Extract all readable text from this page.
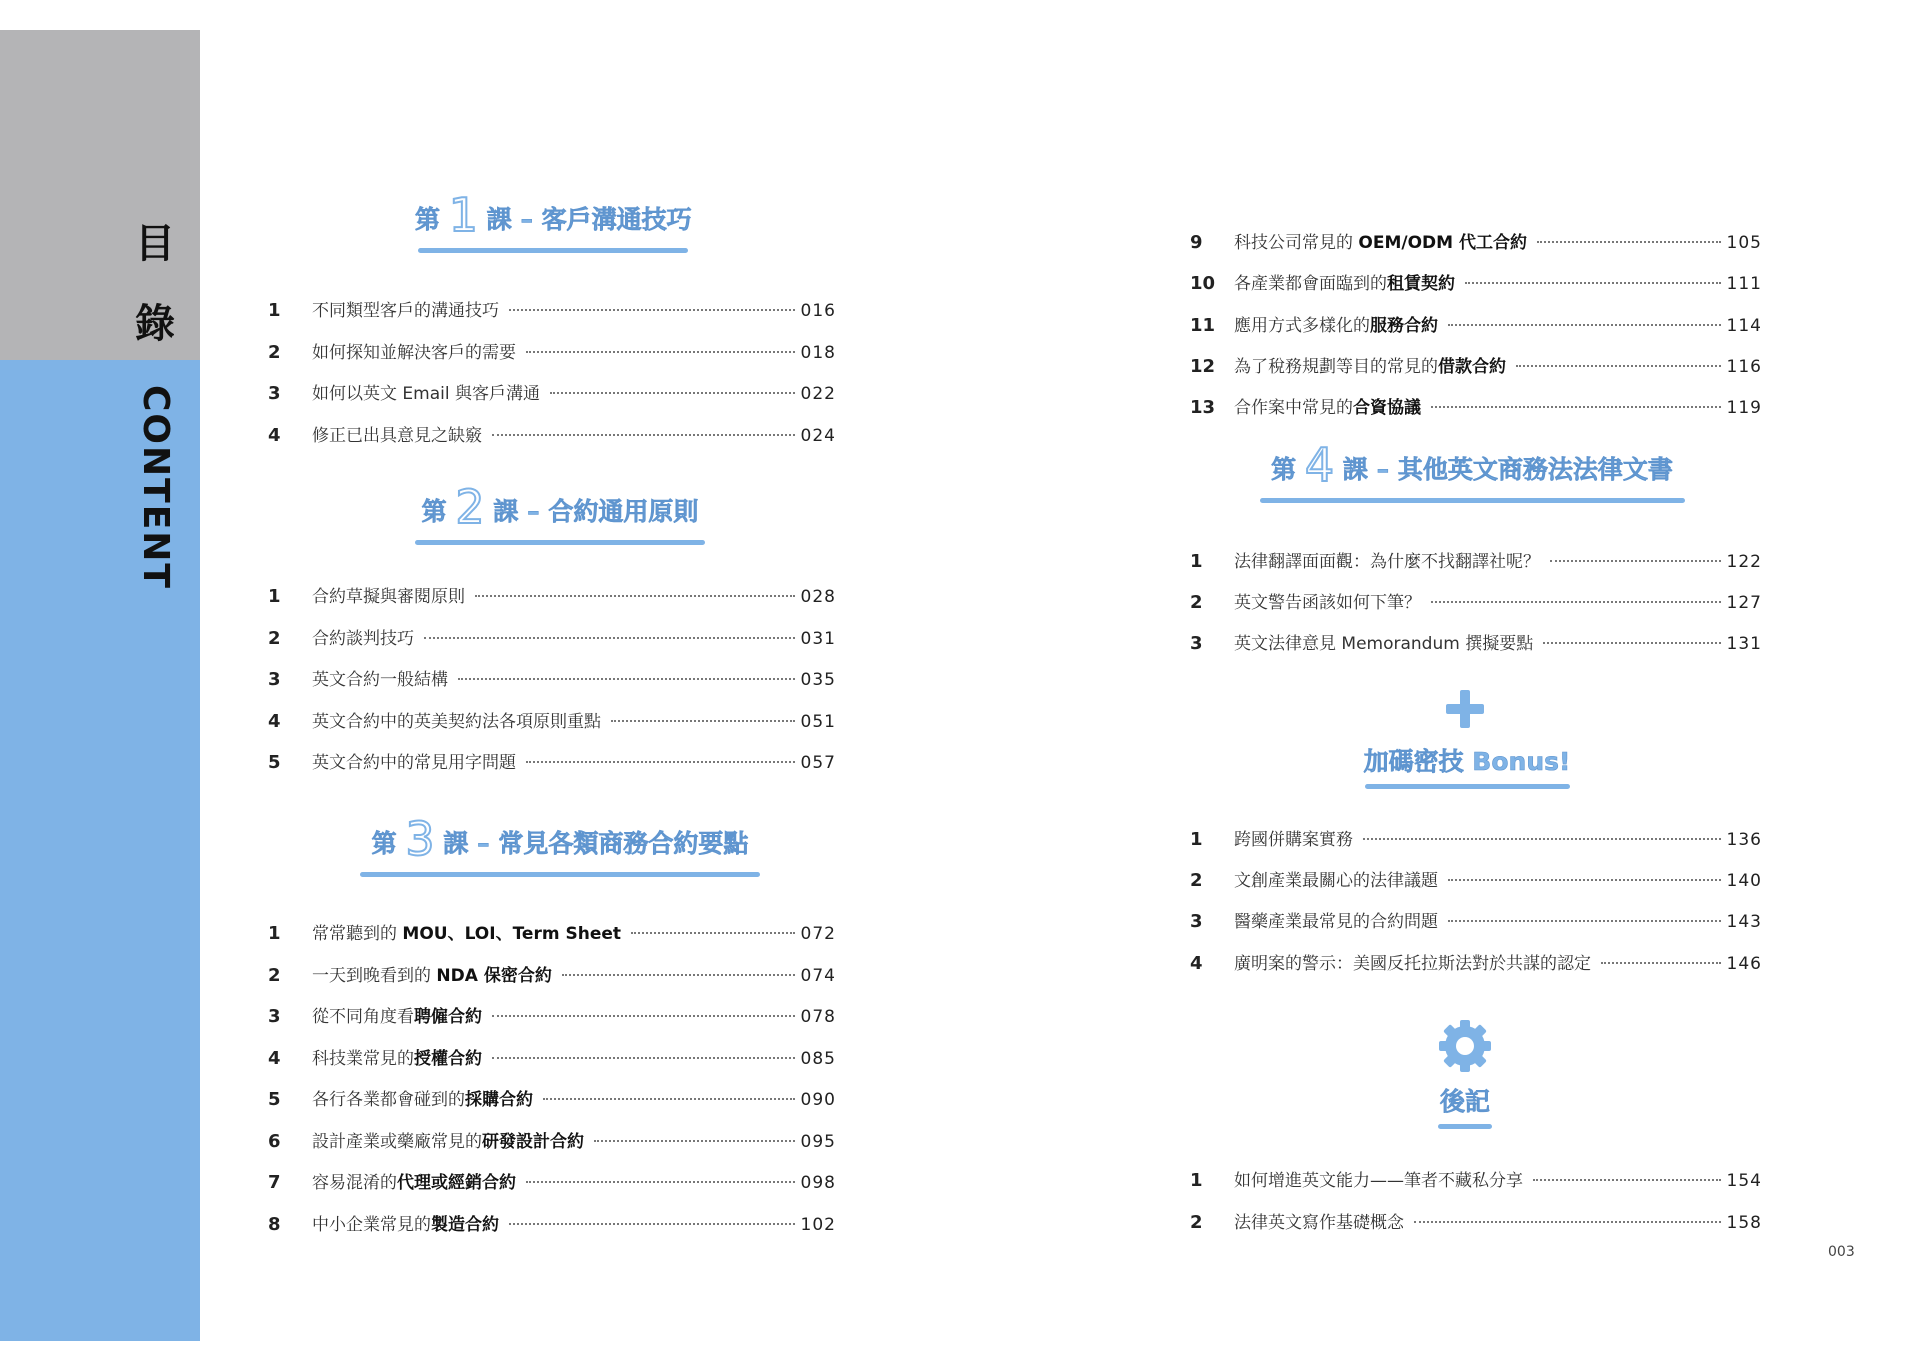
目
錄
CONTENT
第 1 課 – 客戶溝通技巧
1	不同類型客戶的溝通技巧	016
2	如何探知並解決客戶的需要	018
3	如何以英文 Email 與客戶溝通	022
4	修正已出具意見之缺竅	024
第 2 課 – 合約通用原則
1	合約草擬與審閱原則	028
2	合約談判技巧	031
3	英文合約一般結構	035
4	英文合約中的英美契約法各項原則重點	051
5	英文合約中的常見用字問題	057
第 3 課 – 常見各類商務合約要點
1	常常聽到的 MOU、LOI、Term Sheet	072
2	一天到晚看到的 NDA 保密合約	074
3	從不同角度看聘僱合約	078
4	科技業常見的授權合約	085
5	各行各業都會碰到的採購合約	090
6	設計產業或藥廠常見的研發設計合約	095
7	容易混淆的代理或經銷合約	098
8	中小企業常見的製造合約	102
9	科技公司常見的 OEM/ODM 代工合約	105
10	各產業都會面臨到的租賃契約	111
11	應用方式多樣化的服務合約	114
12	為了稅務規劃等目的常見的借款合約	116
13	合作案中常見的合資協議	119
第 4 課 – 其他英文商務法法律文書
1	法律翻譯面面觀：為什麼不找翻譯社呢？	122
2	英文警告函該如何下筆？	127
3	英文法律意見 Memorandum 撰擬要點	131
加碼密技 Bonus!
1	跨國併購案實務	136
2	文創產業最關心的法律議題	140
3	醫藥產業最常見的合約問題	143
4	廣明案的警示：美國反托拉斯法對於共謀的認定	146
後記
1	如何增進英文能力——筆者不藏私分享	154
2	法律英文寫作基礎概念	158
003
